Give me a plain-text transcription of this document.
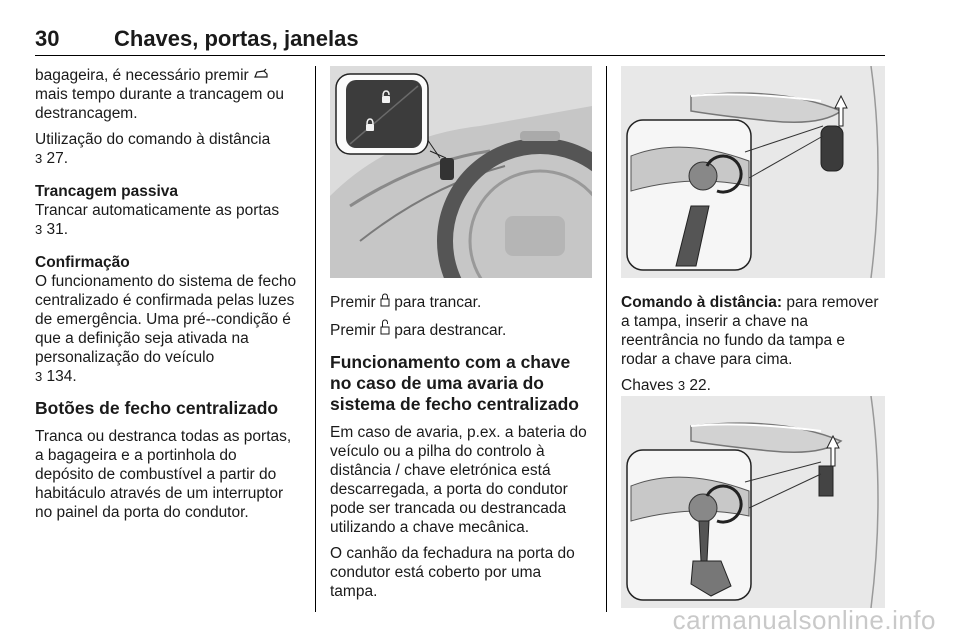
30 Chaves, portas, janelas

bagageira, é necessário premir
mais tempo durante a trancagem ou destrancagem.

Utilização do comando à distância
3 27.

Trancagem passiva
Trancar automaticamente as portas
3 31.

Confirmação
O funcionamento do sistema de fecho centralizado é confirmada pelas luzes de emergência. Uma pré--condição é que a definição seja ativada na personalização do veículo
3 134.

Botões de fecho centralizado

Tranca ou destranca todas as portas, a bagageira e a portinhola do depósito de combustível a partir do habitáculo através de um interruptor no painel da porta do condutor.

Premir  para trancar.

Premir  para destrancar.

Funcionamento com a chave no caso de uma avaria do sistema de fecho centralizado

Em caso de avaria, p.ex. a bateria do veículo ou a pilha do controlo à distância / chave eletrónica está descarregada, a porta do condutor pode ser trancada ou destrancada utilizando a chave mecânica.

O canhão da fechadura na porta do condutor está coberto por uma tampa.

Comando à distância: para remover a tampa, inserir a chave na reentrância no fundo da tampa e rodar a chave para cima.

Chaves 3 22.

carmanualsonline.info
